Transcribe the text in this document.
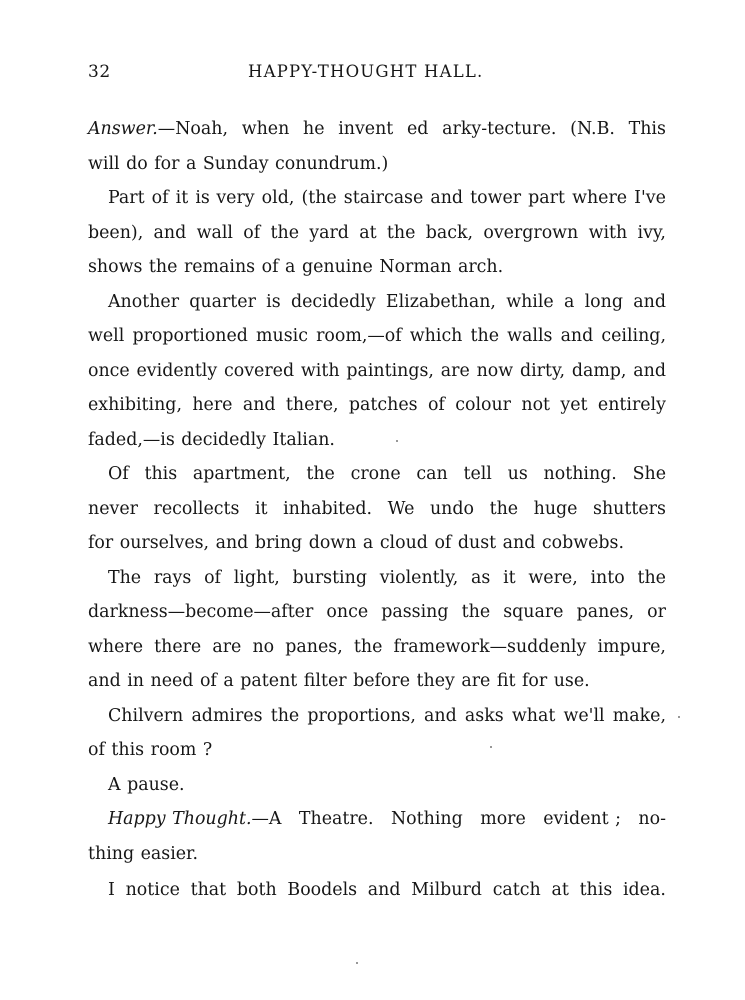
32	HAPPY-THOUGHT HALL.
Answer.—Noah, when he invent ed arky-tecture. (N.B. This
will do for a Sunday conundrum.)
Part of it is very old, (the staircase and tower part where I've
been), and wall of the yard at the back, overgrown with ivy,
shows the remains of a genuine Norman arch.
Another quarter is decidedly Elizabethan, while a long and
well proportioned music room,—of which the walls and ceiling,
once evidently covered with paintings, are now dirty, damp, and
exhibiting, here and there, patches of colour not yet entirely
faded,—is decidedly Italian.
Of this apartment, the crone can tell us nothing. She
never recollects it inhabited. We undo the huge shutters
for ourselves, and bring down a cloud of dust and cobwebs.
The rays of light, bursting violently, as it were, into the
darkness—become—after once passing the square panes, or
where there are no panes, the framework—suddenly impure,
and in need of a patent filter before they are fit for use.
Chilvern admires the proportions, and asks what we'll make,
of this room ?
A pause.
Happy Thought.—A Theatre. Nothing more evident ; no-
thing easier.
I notice that both Boodels and Milburd catch at this idea.
